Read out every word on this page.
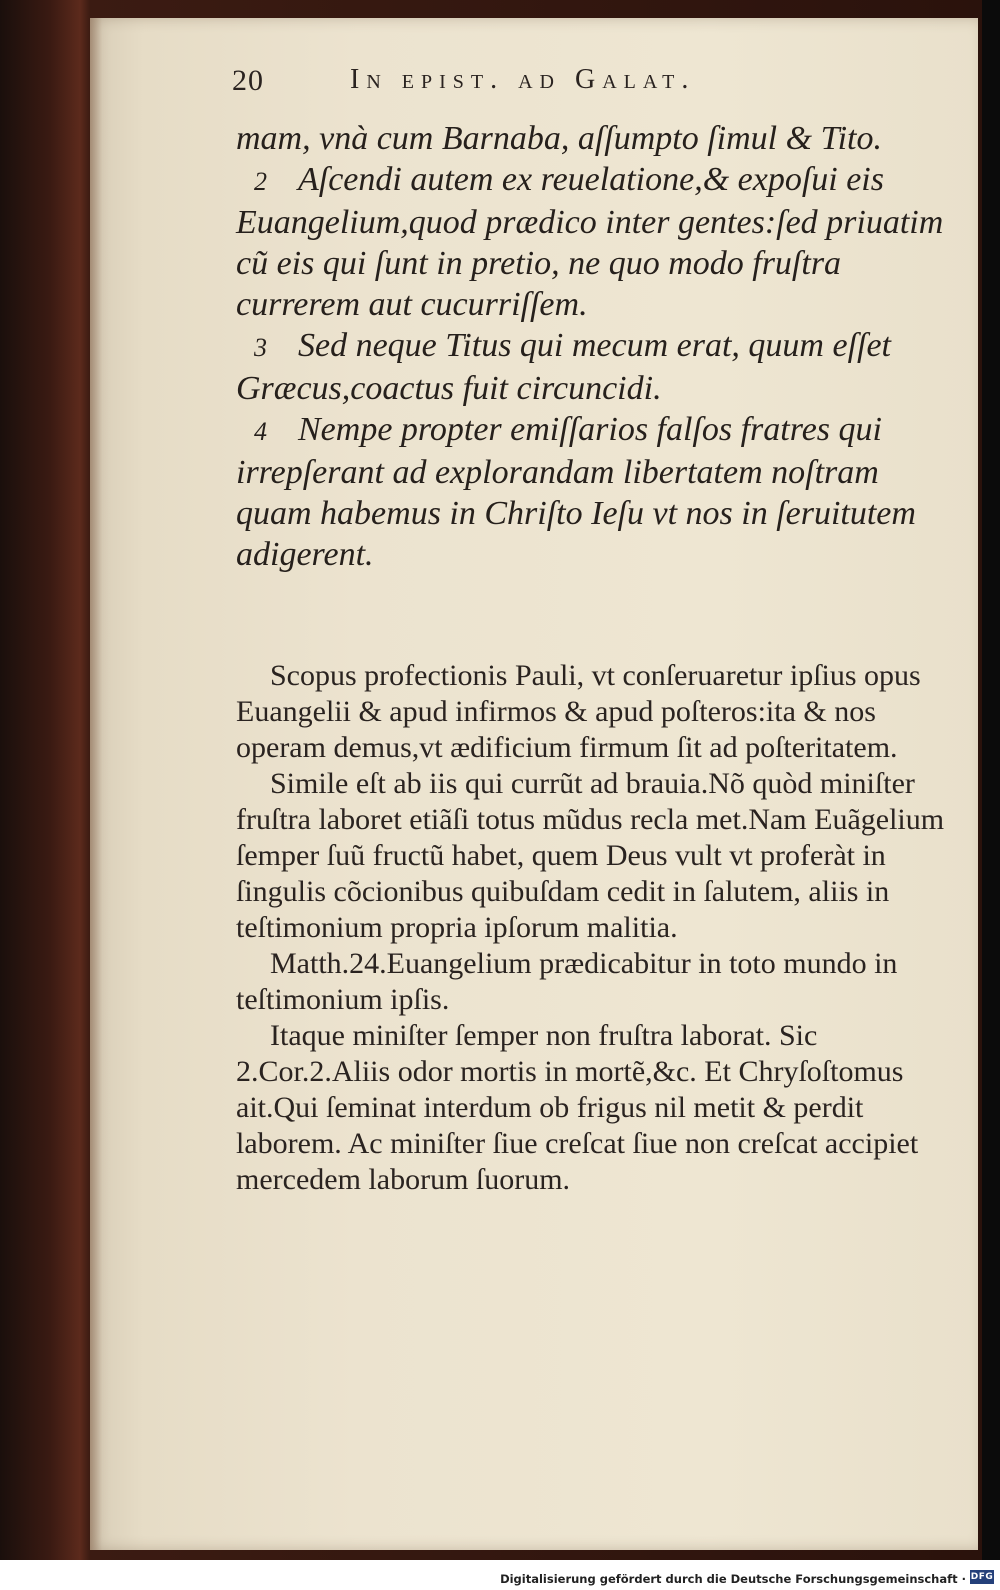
20	In epist. ad Galat.

mam, vnà cum Barnaba, aſſumpto ſimul & Tito.

2 Aſcendi autem ex reuelatione,& expoſui eis Euangelium,quod prædico inter gentes:ſed priuatim cũ eis qui ſunt in pretio, ne quo modo fruſtra currerem aut cucurriſſem.

3 Sed neque Titus qui mecum erat, quum eſſet Græcus,coactus fuit circuncidi.

4 Nempe propter emiſſarios falſos fratres qui irrepſerant ad explorandam libertatem noſtram quam habemus in Chriſto Ieſu vt nos in ſeruitutem adigerent.

Scopus profectionis Pauli, vt conſeruaretur ipſius opus Euangelii & apud infirmos & apud poſteros:ita & nos operam demus,vt ædificium firmum ſit ad poſteritatem.

Simile eſt ab iis qui currũt ad brauia.Nõ quòd miniſter fruſtra laboret etiãſi totus mũdus recla met.Nam Euãgelium ſemper ſuũ fructũ habet, quem Deus vult vt proferàt in ſingulis cõcionibus quibuſdam cedit in ſalutem, aliis in teſtimonium propria ipſorum malitia.

Matth.24.Euangelium prædicabitur in toto mundo in teſtimonium ipſis.

Itaque miniſter ſemper non fruſtra laborat. Sic 2.Cor.2.Aliis odor mortis in mortẽ,&c. Et Chryſoſtomus ait.Qui ſeminat interdum ob frigus nil metit & perdit laborem. Ac miniſter ſiue creſcat ſiue non creſcat accipiet mercedem laborum ſuorum.

Digitalisierung gefördert durch die Deutsche Forschungsgemeinschaft · DFG
